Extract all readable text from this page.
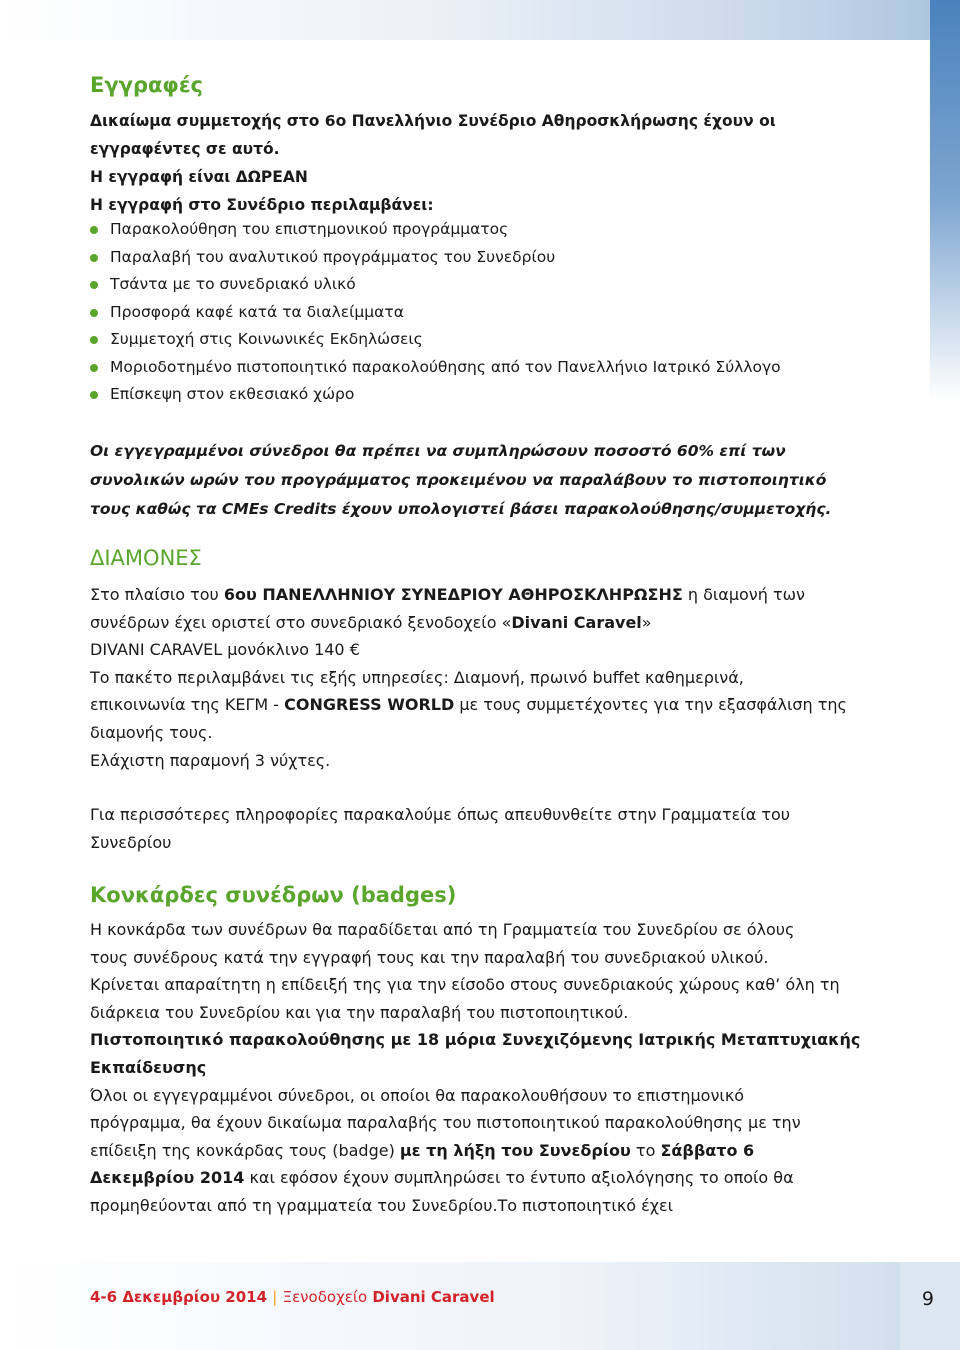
Εγγραφές

Δικαίωμα συμμετοχής στο 6ο Πανελλήνιο Συνέδριο Αθηροσκλήρωσης έχουν οι

εγγραφέντες σε αυτό.

Η εγγραφή είναι ΔΩΡΕΑΝ

Η εγγραφή στο Συνέδριο περιλαμβάνει:

Παρακολούθηση του επιστημονικού προγράμματος
Παραλαβή του αναλυτικού προγράμματος του Συνεδρίου
Τσάντα με το συνεδριακό υλικό
Προσφορά καφέ κατά τα διαλείμματα
Συμμετοχή στις Κοινωνικές Εκδηλώσεις
Μοριοδοτημένο πιστοποιητικό παρακολούθησης από τον Πανελλήνιο Ιατρικό Σύλλογο
Επίσκεψη στον εκθεσιακό χώρο

Οι εγγεγραμμένοι σύνεδροι θα πρέπει να συμπληρώσουν ποσοστό 60% επί των

συνολικών ωρών του προγράμματος προκειμένου να παραλάβουν το πιστοποιητικό

τους καθώς τα CMEs Credits έχουν υπολογιστεί βάσει παρακολούθησης/συμμετοχής.

ΔΙΑΜΟΝΕΣ

Στο πλαίσιο του 6ου ΠΑΝΕΛΛΗΝΙΟΥ ΣΥΝΕΔΡΙΟΥ ΑΘΗΡΟΣΚΛΗΡΩΣΗΣ η διαμονή των

συνέδρων έχει οριστεί στο συνεδριακό ξενοδοχείο «Divani Caravel»

DIVANI CARAVEL μονόκλινο 140 €

Το πακέτο περιλαμβάνει τις εξής υπηρεσίες: Διαμονή, πρωινό buffet καθημερινά,

επικοινωνία της ΚΕΓΜ - CONGRESS WORLD με τους συμμετέχοντες για την εξασφάλιση της

διαμονής τους.

Ελάχιστη παραμονή 3 νύχτες.

Για περισσότερες πληροφορίες παρακαλούμε όπως απευθυνθείτε στην Γραμματεία του

Συνεδρίου

Κονκάρδες συνέδρων (badges)

Η κονκάρδα των συνέδρων θα παραδίδεται από τη Γραμματεία του Συνεδρίου σε όλους

τους συνέδρους κατά την εγγραφή τους και την παραλαβή του συνεδριακού υλικού.

Κρίνεται απαραίτητη η επίδειξή της για την είσοδο στους συνεδριακούς χώρους καθ’ όλη τη

διάρκεια του Συνεδρίου και για την παραλαβή του πιστοποιητικού.

Πιστοποιητικό παρακολούθησης με 18 μόρια Συνεχιζόμενης Ιατρικής Μεταπτυχιακής

Εκπαίδευσης

Όλοι οι εγγεγραμμένοι σύνεδροι, οι οποίοι θα παρακολουθήσουν το επιστημονικό

πρόγραμμα, θα έχουν δικαίωμα παραλαβής του πιστοποιητικού παρακολούθησης με την

επίδειξη της κονκάρδας τους (badge) με τη λήξη του Συνεδρίου το Σάββατο 6

Δεκεμβρίου 2014 και εφόσον έχουν συμπληρώσει το έντυπο αξιολόγησης το οποίο θα

προμηθεύονται από τη γραμματεία του Συνεδρίου.Το πιστοποιητικό έχει

4-6 Δεκεμβρίου 2014 | Ξενοδοχείο Divani Caravel	9
